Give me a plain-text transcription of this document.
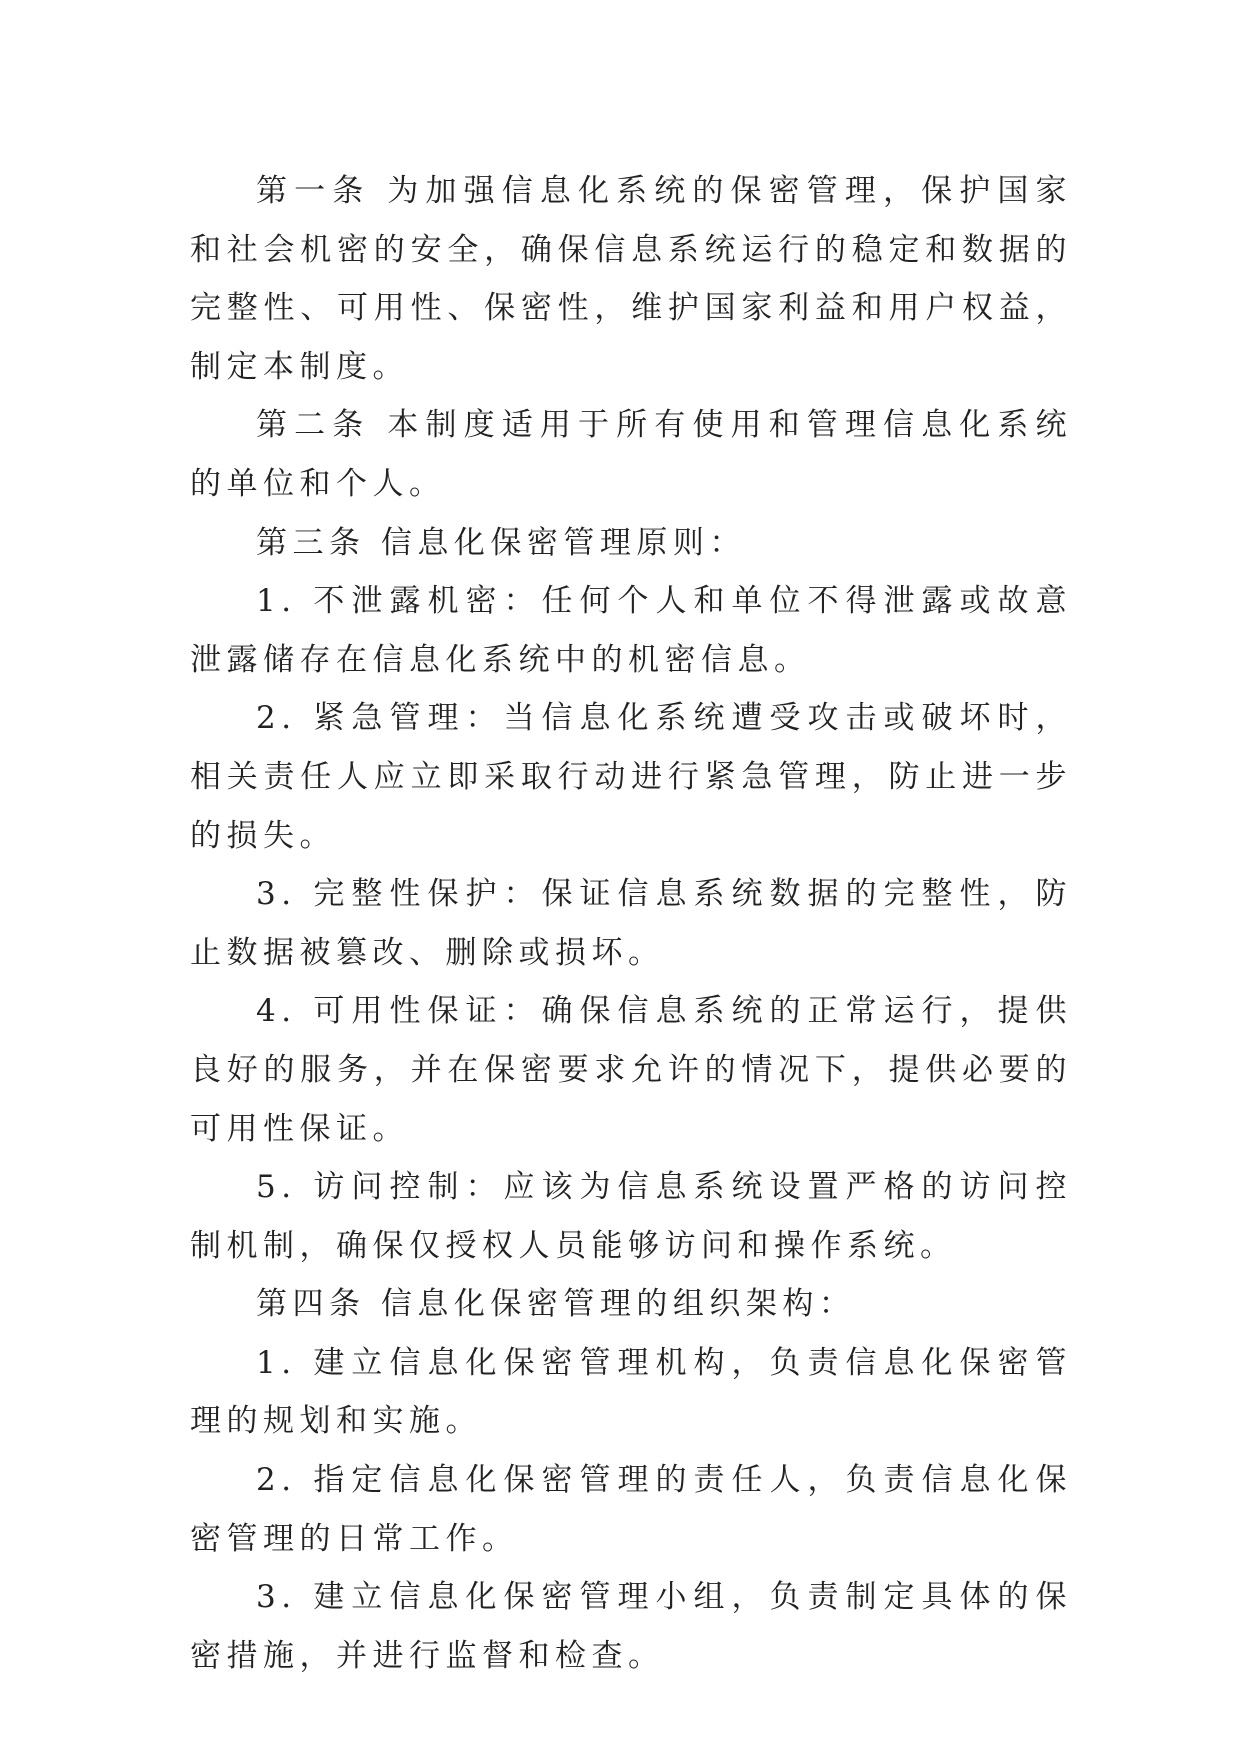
第一条 为加强信息化系统的保密管理，保护国家和社会机密的安全，确保信息系统运行的稳定和数据的完整性、可用性、保密性，维护国家利益和用户权益，制定本制度。

第二条 本制度适用于所有使用和管理信息化系统的单位和个人。

第三条 信息化保密管理原则：

1. 不泄露机密：任何个人和单位不得泄露或故意泄露储存在信息化系统中的机密信息。

2. 紧急管理：当信息化系统遭受攻击或破坏时，相关责任人应立即采取行动进行紧急管理，防止进一步的损失。

3. 完整性保护：保证信息系统数据的完整性，防止数据被篡改、删除或损坏。

4. 可用性保证：确保信息系统的正常运行，提供良好的服务，并在保密要求允许的情况下，提供必要的可用性保证。

5. 访问控制：应该为信息系统设置严格的访问控制机制，确保仅授权人员能够访问和操作系统。

第四条 信息化保密管理的组织架构：

1. 建立信息化保密管理机构，负责信息化保密管理的规划和实施。

2. 指定信息化保密管理的责任人，负责信息化保密管理的日常工作。

3. 建立信息化保密管理小组，负责制定具体的保密措施，并进行监督和检查。
